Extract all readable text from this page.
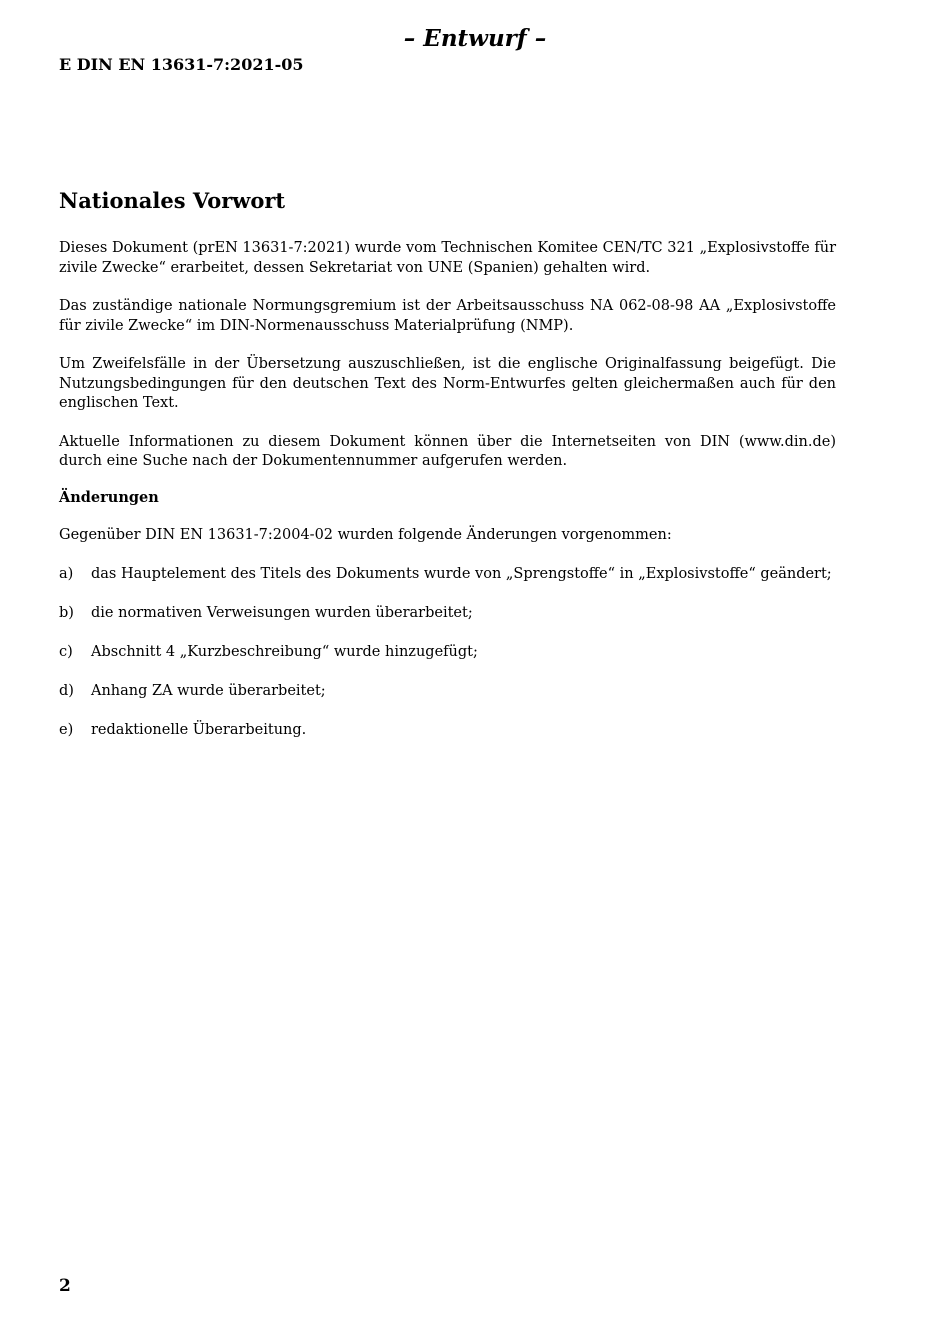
– Entwurf –
E DIN EN 13631-7:2021-05
Nationales Vorwort

Dieses Dokument (prEN 13631-7:2021) wurde vom Technischen Komitee CEN/TC 321 „Explosivstoffe für zivile Zwecke“ erarbeitet, dessen Sekretariat von UNE (Spanien) gehalten wird.

Das zuständige nationale Normungsgremium ist der Arbeitsausschuss NA 062-08-98 AA „Explosivstoffe für zivile Zwecke“ im DIN-Normenausschuss Materialprüfung (NMP).

Um Zweifelsfälle in der Übersetzung auszuschließen, ist die englische Originalfassung beigefügt. Die Nutzungsbedingungen für den deutschen Text des Norm-Entwurfes gelten gleichermaßen auch für den englischen Text.

Aktuelle Informationen zu diesem Dokument können über die Internetseiten von DIN (www.din.de) durch eine Suche nach der Dokumentennummer aufgerufen werden.

Änderungen

Gegenüber DIN EN 13631-7:2004-02 wurden folgende Änderungen vorgenommen:

a)	das Hauptelement des Titels des Dokuments wurde von „Sprengstoffe“ in „Explosivstoffe“ geändert;
b)	die normativen Verweisungen wurden überarbeitet;
c)	Abschnitt 4 „Kurzbeschreibung“ wurde hinzugefügt;
d)	Anhang ZA wurde überarbeitet;
e)	redaktionelle Überarbeitung.
2
